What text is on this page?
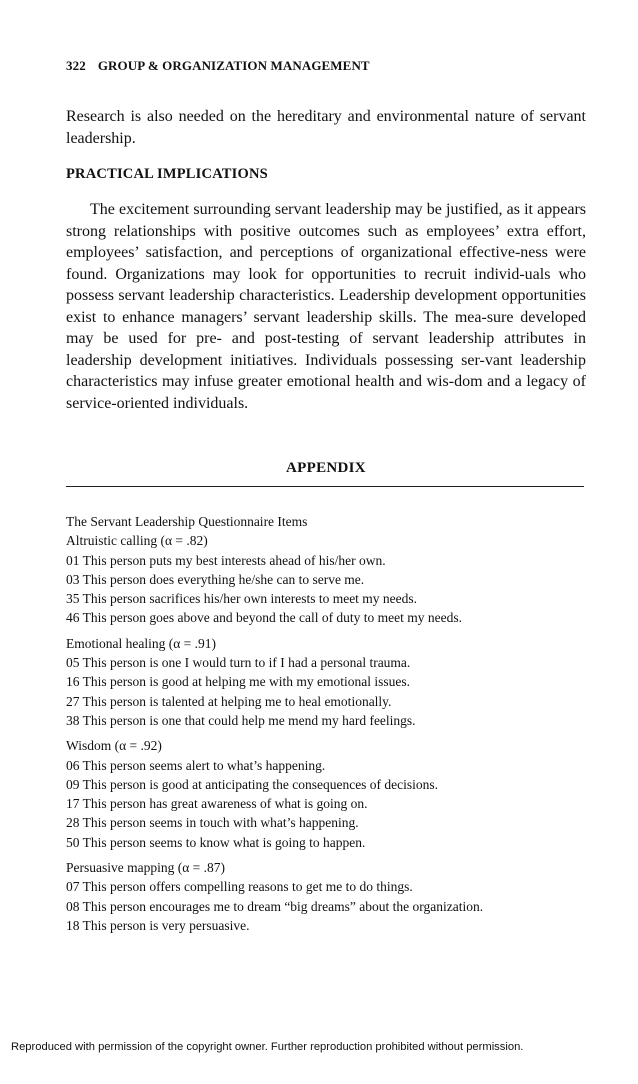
322 GROUP & ORGANIZATION MANAGEMENT

Research is also needed on the hereditary and environmental nature of servant leadership.

PRACTICAL IMPLICATIONS

The excitement surrounding servant leadership may be justified, as it appears strong relationships with positive outcomes such as employees’ extra effort, employees’ satisfaction, and perceptions of organizational effective-ness were found. Organizations may look for opportunities to recruit individ-uals who possess servant leadership characteristics. Leadership development opportunities exist to enhance managers’ servant leadership skills. The mea-sure developed may be used for pre- and post-testing of servant leadership attributes in leadership development initiatives. Individuals possessing ser-vant leadership characteristics may infuse greater emotional health and wis-dom and a legacy of service-oriented individuals.

APPENDIX
The Servant Leadership Questionnaire Items
Altruistic calling (α = .82)
01 This person puts my best interests ahead of his/her own.
03 This person does everything he/she can to serve me.
35 This person sacrifices his/her own interests to meet my needs.
46 This person goes above and beyond the call of duty to meet my needs.
Emotional healing (α = .91)
05 This person is one I would turn to if I had a personal trauma.
16 This person is good at helping me with my emotional issues.
27 This person is talented at helping me to heal emotionally.
38 This person is one that could help me mend my hard feelings.
Wisdom (α = .92)
06 This person seems alert to what’s happening.
09 This person is good at anticipating the consequences of decisions.
17 This person has great awareness of what is going on.
28 This person seems in touch with what’s happening.
50 This person seems to know what is going to happen.
Persuasive mapping (α = .87)
07 This person offers compelling reasons to get me to do things.
08 This person encourages me to dream “big dreams” about the organization.
18 This person is very persuasive.
Reproduced with permission of the copyright owner. Further reproduction prohibited without permission.
